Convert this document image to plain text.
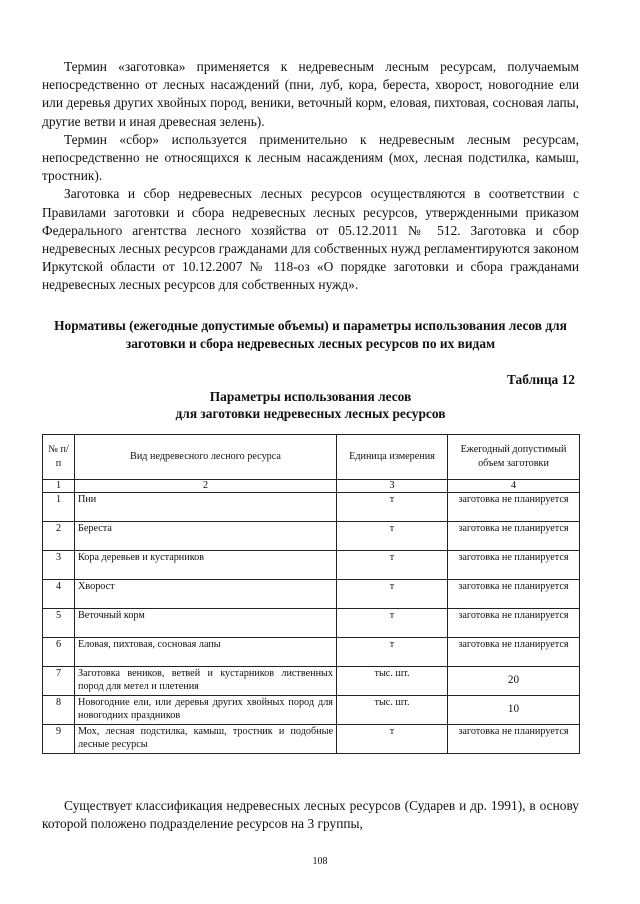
Термин «заготовка» применяется к недревесным лесным ресурсам, получаемым непосредственно от лесных насаждений (пни, луб, кора, береста, хворост, новогодние ели или деревья других хвойных пород, веники, веточный корм, еловая, пихтовая, сосновая лапы, другие ветви и иная древесная зелень).

Термин «сбор» используется применительно к недревесным лесным ресурсам, непосредственно не относящихся к лесным насаждениям (мох, лесная подстилка, камыш, тростник).

Заготовка и сбор недревесных лесных ресурсов осуществляются в соответствии с Правилами заготовки и сбора недревесных лесных ресурсов, утвержденными приказом Федерального агентства лесного хозяйства от 05.12.2011 № 512. Заготовка и сбор недревесных лесных ресурсов гражданами для собственных нужд регламентируются законом Иркутской области от 10.12.2007 № 118-оз «О порядке заготовки и сбора гражданами недревесных лесных ресурсов для собственных нужд».

Нормативы (ежегодные допустимые объемы) и параметры использования лесов для заготовки и сбора недревесных лесных ресурсов по их видам
Таблица 12
Параметры использования лесов
для заготовки недревесных лесных ресурсов
№ п/п	Вид недревесного лесного ресурса	Единица измерения	Ежегодный допустимый объем заготовки
1	2	3	4
1	Пни	т	заготовка не планируется
2	Береста	т	заготовка не планируется
3	Кора деревьев и кустарников	т	заготовка не планируется
4	Хворост	т	заготовка не планируется
5	Веточный корм	т	заготовка не планируется
6	Еловая, пихтовая, сосновая лапы	т	заготовка не планируется
7	Заготовка веников, ветвей и кустарников лиственных пород для метел и плетения	тыс. шт.	20
8	Новогодние ели, или деревья других хвойных пород для новогодних праздников	тыс. шт.	10
9	Мох, лесная подстилка, камыш, тростник и подобные лесные ресурсы	т	заготовка не планируется

Существует классификация недревесных лесных ресурсов (Сударев и др. 1991), в основу которой положено подразделение ресурсов на 3 группы,

108
